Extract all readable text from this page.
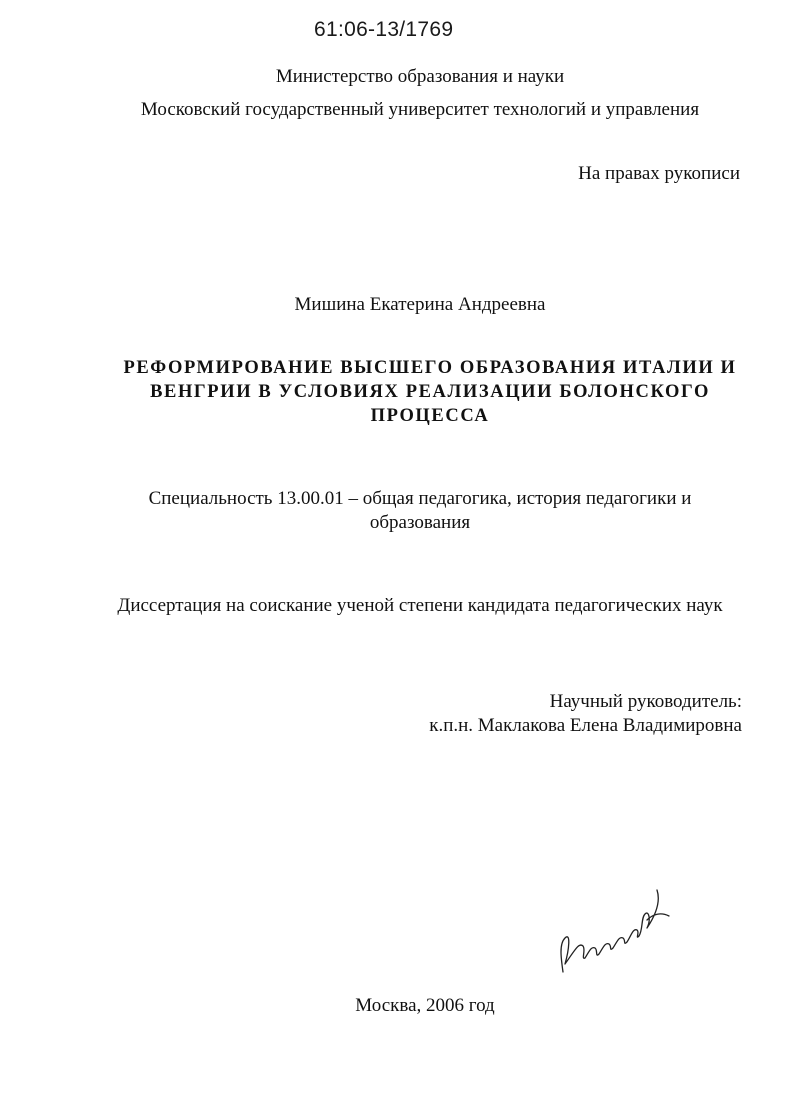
61:06-13/1769

Министерство образования и науки

Московский государственный университет технологий и управления

На правах рукописи

Мишина Екатерина Андреевна

РЕФОРМИРОВАНИЕ ВЫСШЕГО ОБРАЗОВАНИЯ ИТАЛИИ И
ВЕНГРИИ В УСЛОВИЯХ РЕАЛИЗАЦИИ БОЛОНСКОГО
ПРОЦЕССА
Специальность 13.00.01 – общая педагогика, история педагогики и
образования

Диссертация на соискание ученой степени кандидата педагогических наук

Научный руководитель:
к.п.н. Маклакова Елена Владимировна

Москва, 2006 год
